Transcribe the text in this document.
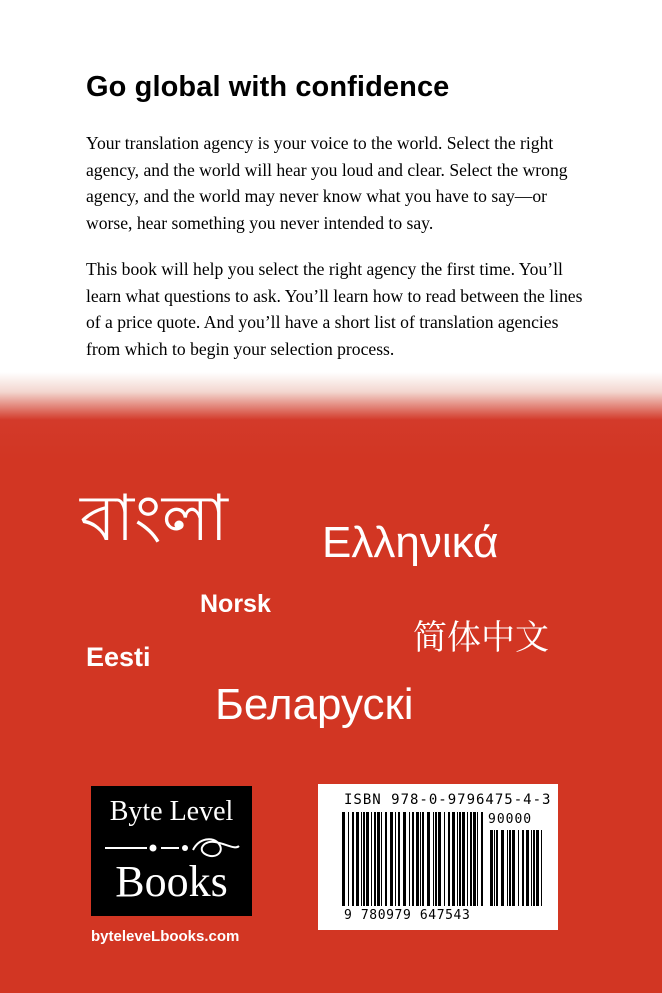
Go global with confidence

Your translation agency is your voice to the world. Select the right agency, and the world will hear you loud and clear. Select the wrong agency, and the world may never know what you have to say—or worse, hear something you never intended to say.

This book will help you select the right agency the first time. You’ll learn what questions to ask. You’ll learn how to read between the lines of a price quote. And you’ll have a short list of translation agencies from which to begin your selection process.

বাংলা Ελληνικά
Norsk
简体中文
Eesti
Беларускі
Byte Level
Books

byteleveLbooks.com

ISBN 978-0-9796475-4-3

90000

9 780979 647543
